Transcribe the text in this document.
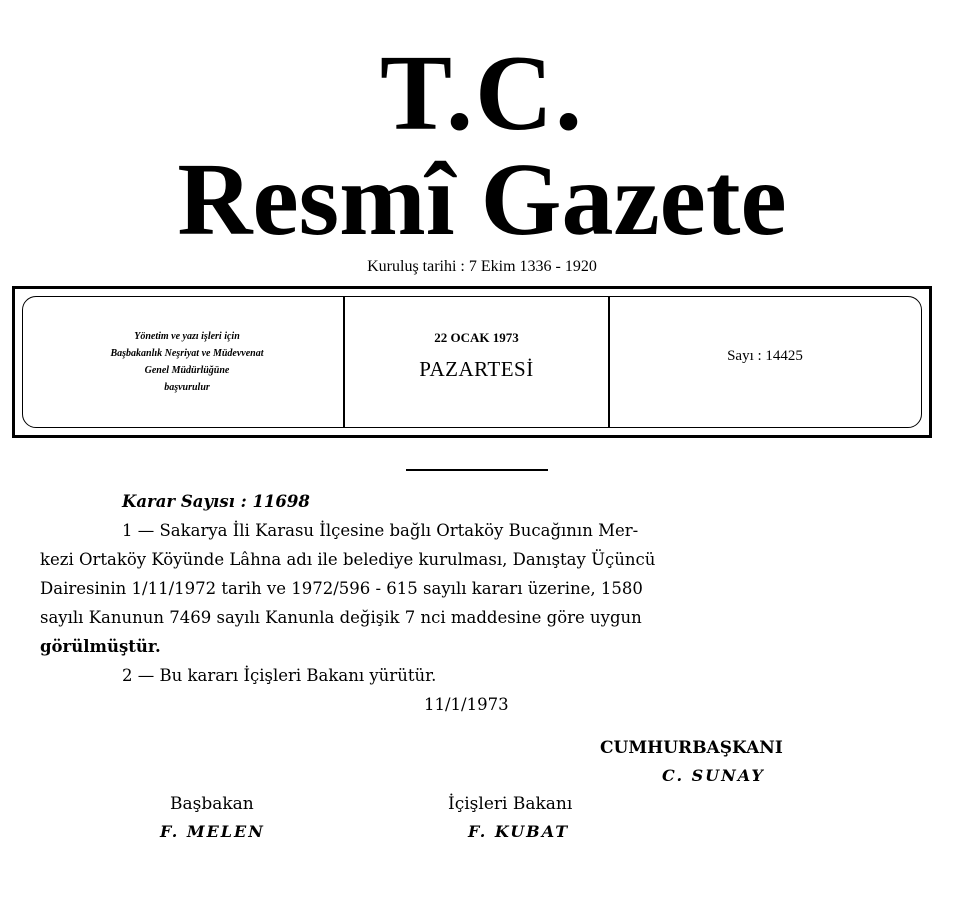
T.C.
Resmî Gazete
Kuruluş tarihi : 7 Ekim 1336 - 1920
Yönetim ve yazı işleri için
Başbakanlık Neşriyat ve Müdevvenat
Genel Müdürlüğüne
başvurulur
22 OCAK 1973
PAZARTESİ
Sayı : 14425
Karar Sayısı : 11698
1 — Sakarya İli Karasu İlçesine bağlı Ortaköy Bucağının Mer-
kezi Ortaköy Köyünde Lâhna adı ile belediye kurulması, Danıştay Üçüncü
Dairesinin 1/11/1972 tarih ve 1972/596 - 615 sayılı kararı üzerine, 1580
sayılı Kanunun 7469 sayılı Kanunla değişik 7 nci maddesine göre uygun
görülmüştür.
2 — Bu kararı İçişleri Bakanı yürütür.
11/1/1973
CUMHURBAŞKANI
C. SUNAY
Başbakan
F. MELEN
İçişleri Bakanı
F. KUBAT
